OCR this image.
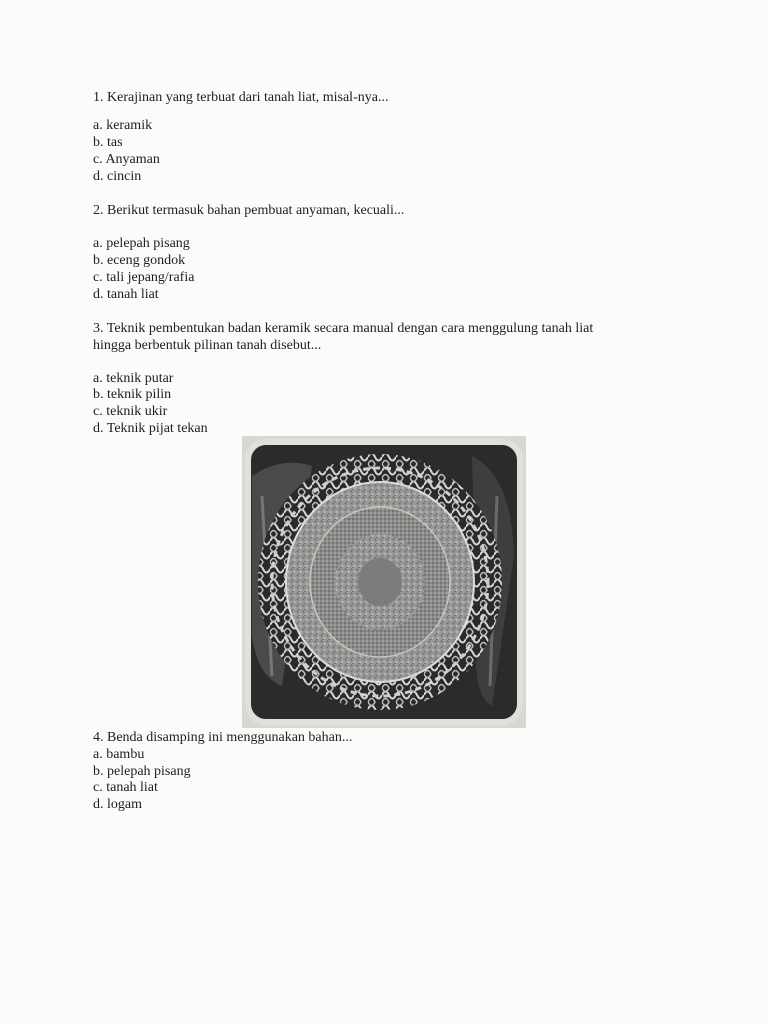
1. Kerajinan yang terbuat dari tanah liat, misal-nya...
a. keramik
b. tas
c. Anyaman
d. cincin
2. Berikut termasuk bahan pembuat anyaman, kecuali...
a. pelepah pisang
b. eceng gondok
c. tali jepang/rafia
d. tanah liat
3. Teknik pembentukan badan keramik secara manual dengan cara menggulung tanah liat
hingga berbentuk pilinan tanah disebut...
a. teknik putar
b. teknik pilin
c. teknik ukir
d. Teknik pijat tekan
4. Benda disamping ini menggunakan bahan...
a. bambu
b. pelepah pisang
c. tanah liat
d. logam
